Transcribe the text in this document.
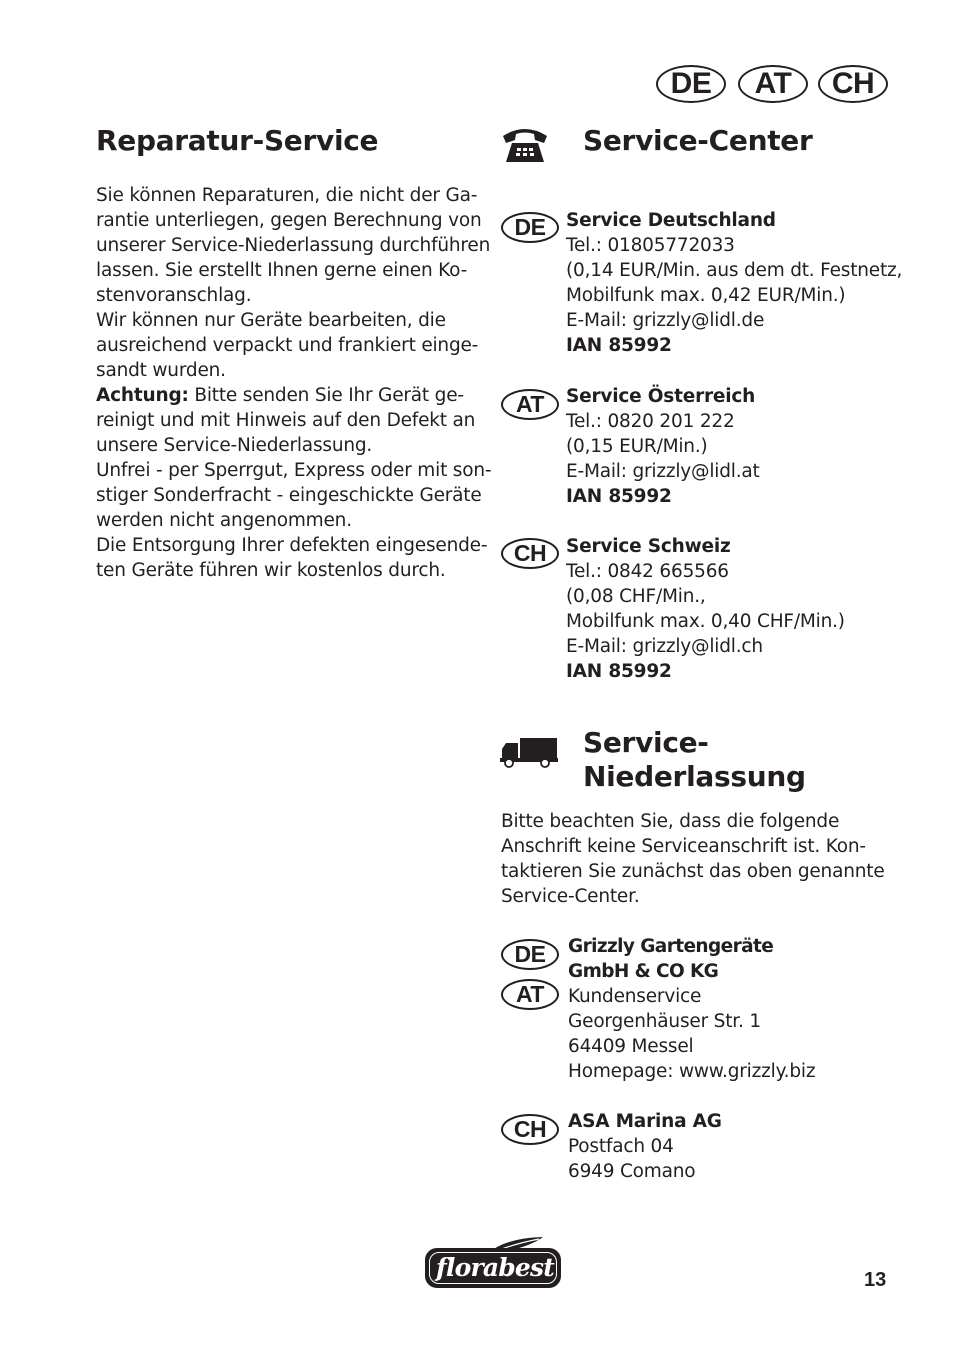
DE	AT	CH
Reparatur-Service
Sie können Reparaturen, die nicht der Ga-
rantie unterliegen, gegen Berechnung von
unserer Service-Niederlassung durchführen
lassen. Sie erstellt Ihnen gerne einen Ko-
stenvoranschlag.
Wir können nur Geräte bearbeiten, die
ausreichend verpackt und frankiert einge-
sandt wurden.
Achtung: Bitte senden Sie Ihr Gerät ge-
reinigt und mit Hinweis auf den Defekt an
unsere Service-Niederlassung.
Unfrei - per Sperrgut, Express oder mit son-
stiger Sonderfracht - eingeschickte Geräte
werden nicht angenommen.
Die Entsorgung Ihrer defekten eingesende-
ten Geräte führen wir kostenlos durch.
Service-Center
DE	Service Deutschland
Tel.: 01805772033
(0,14 EUR/Min. aus dem dt. Festnetz,
Mobilfunk max. 0,42 EUR/Min.)
E-Mail: grizzly@lidl.de
IAN 85992
AT	Service Österreich
Tel.: 0820 201 222
(0,15 EUR/Min.)
E-Mail: grizzly@lidl.at
IAN 85992
CH	Service Schweiz
Tel.: 0842 665566
(0,08 CHF/Min.,
Mobilfunk max. 0,40 CHF/Min.)
E-Mail: grizzly@lidl.ch
IAN 85992
Service-
Niederlassung
Bitte beachten Sie, dass die folgende
Anschrift keine Serviceanschrift ist. Kon-
taktieren Sie zunächst das oben genannte
Service-Center.
DE
AT
Grizzly Gartengeräte
GmbH & CO KG
Kundenservice
Georgenhäuser Str. 1
64409 Messel
Homepage: www.grizzly.biz
CH	ASA Marina AG
Postfach 04
6949 Comano
florabest	13
